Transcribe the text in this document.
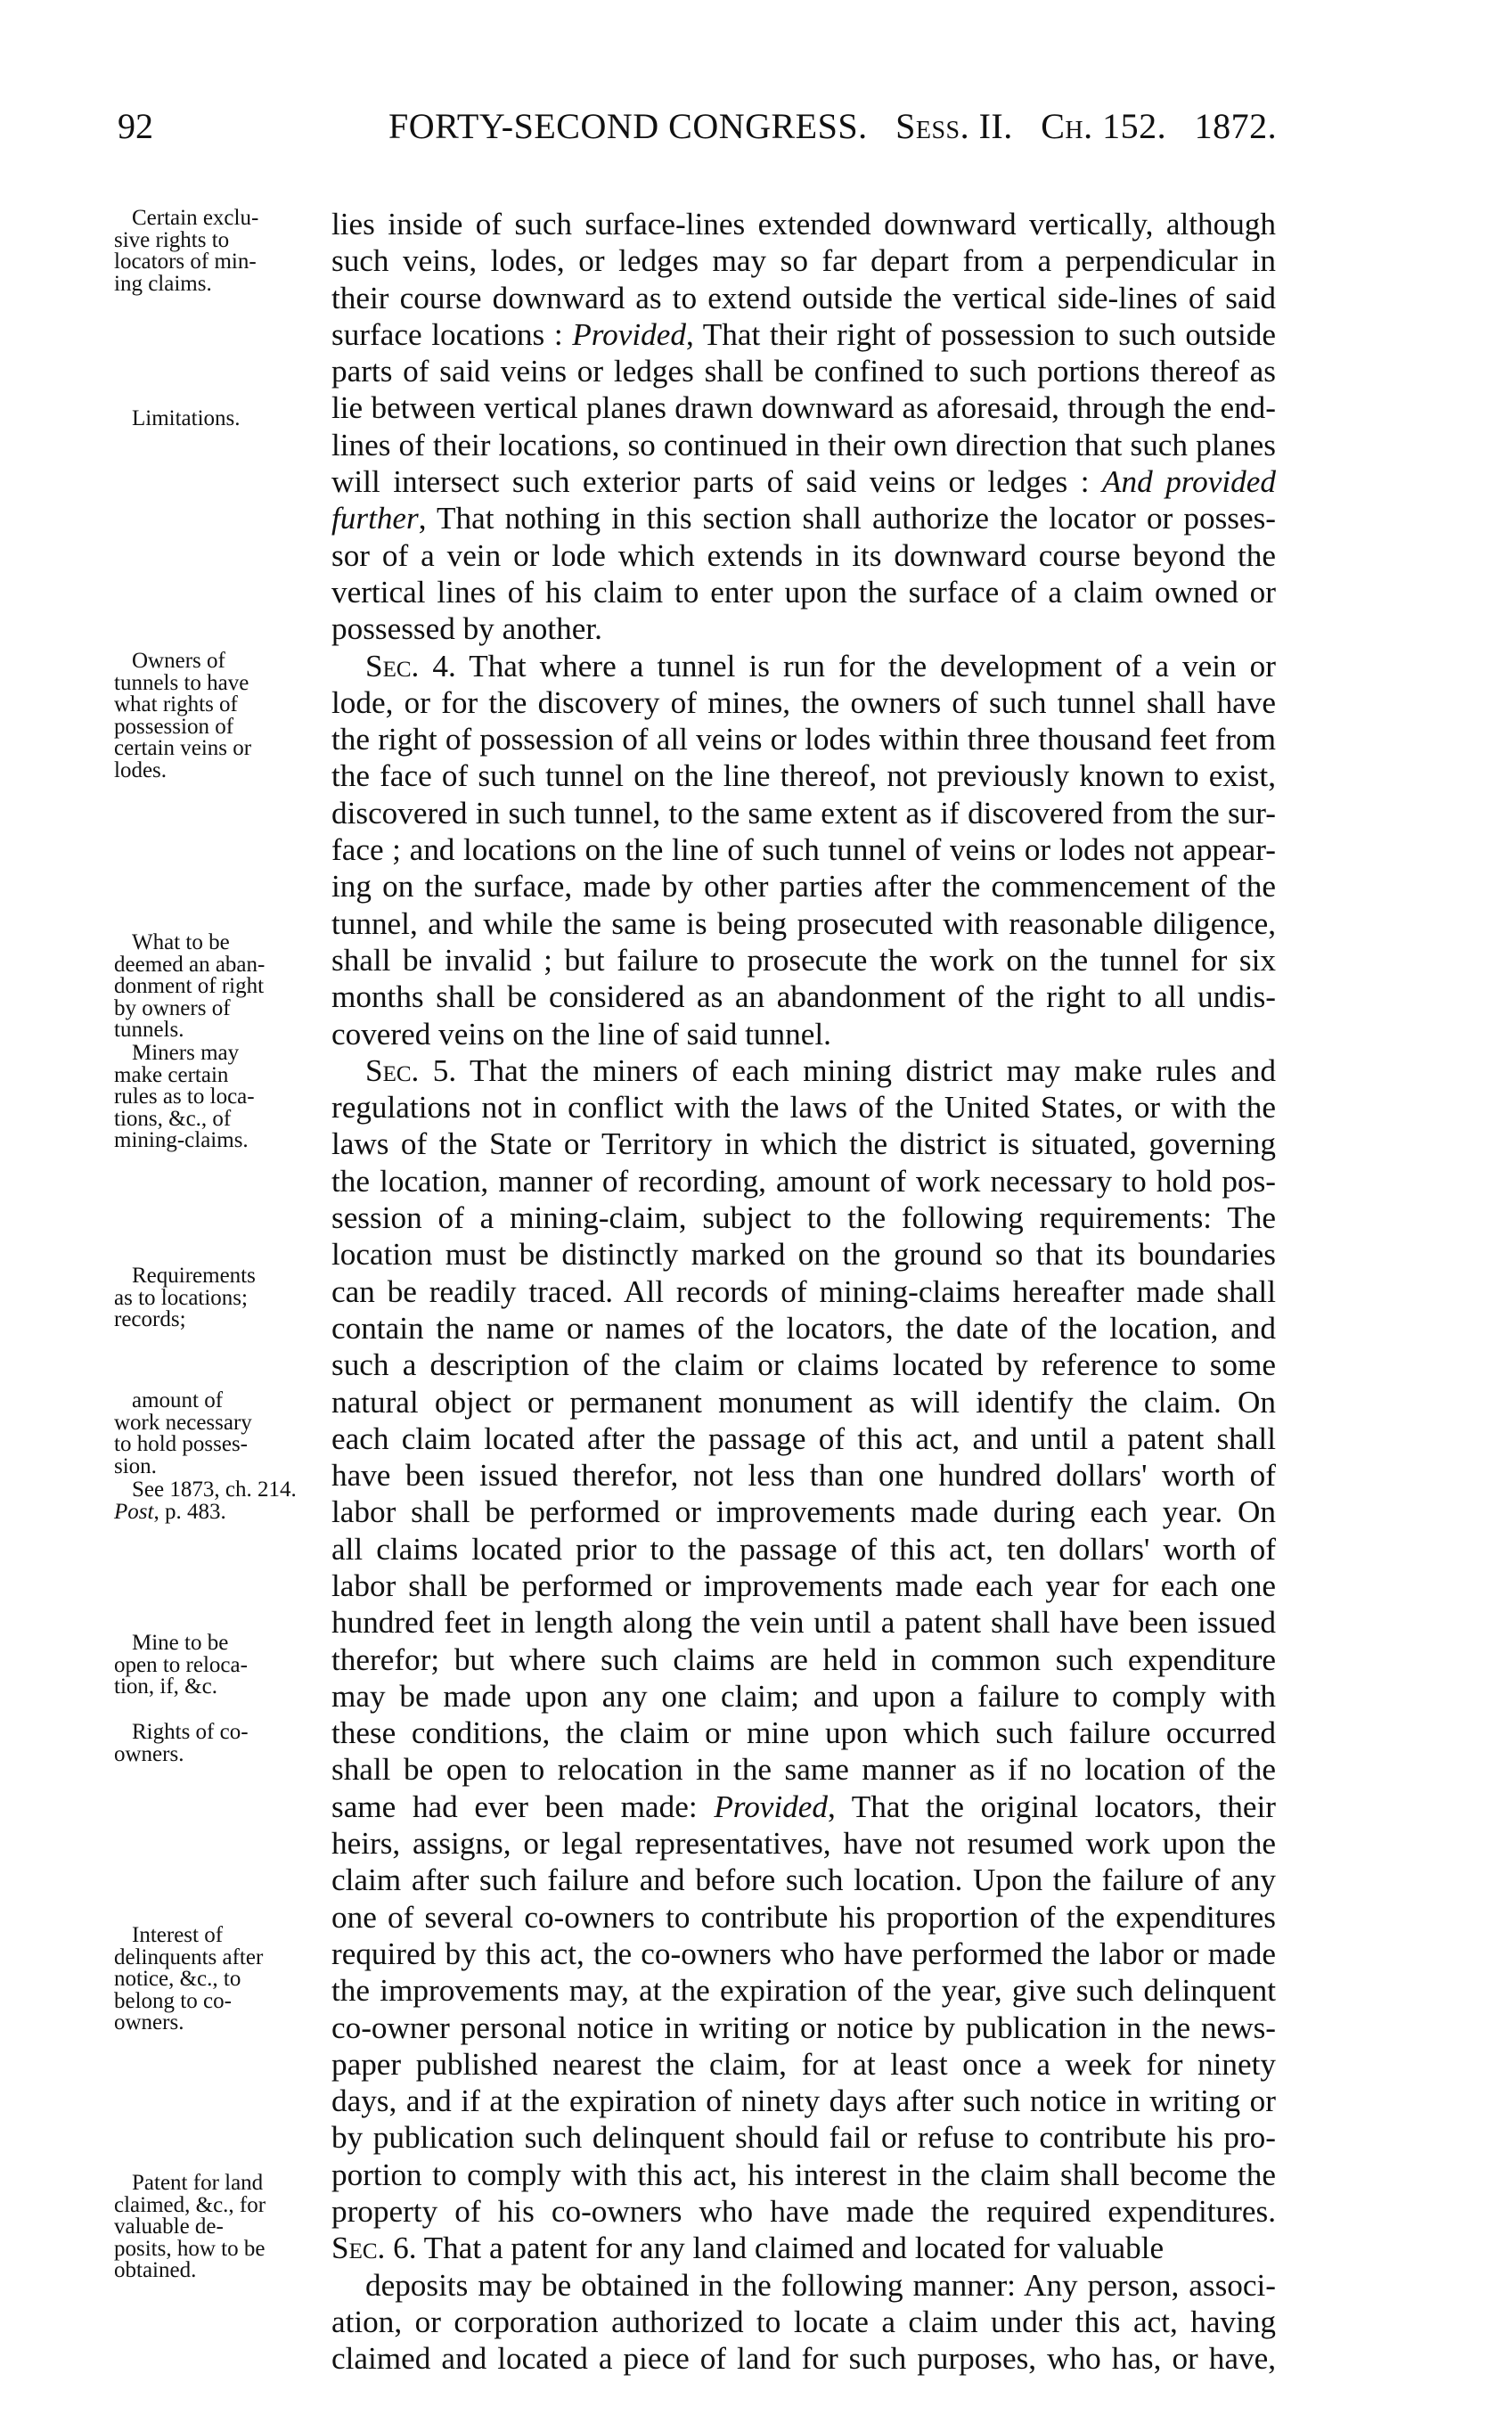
92	FORTY-SECOND CONGRESS. Sess. II. Ch. 152. 1872.
Certain exclu-
sive rights to
locators of min-
ing claims.
Limitations.
Owners of
tunnels to have
what rights of
possession of
certain veins or
lodes.
What to be
deemed an aban-
donment of right
by owners of
tunnels.
Miners may
make certain
rules as to loca-
tions, &c., of
mining-claims.
Requirements
as to locations;
records;
amount of
work necessary
to hold posses-
sion.
See 1873, ch. 214.
Post, p. 483.
Mine to be
open to reloca-
tion, if, &c.
Rights of co-
owners.
Interest of
delinquents after
notice, &c., to
belong to co-
owners.
Patent for land
claimed, &c., for
valuable de-
posits, how to be
obtained.
lies inside of such surface-lines extended downward vertically, although
such veins, lodes, or ledges may so far depart from a perpendicular in
their course downward as to extend outside the vertical side-lines of said
surface locations : Provided, That their right of possession to such outside
parts of said veins or ledges shall be confined to such portions thereof as
lie between vertical planes drawn downward as aforesaid, through the end-
lines of their locations, so continued in their own direction that such planes
will intersect such exterior parts of said veins or ledges : And provided
further, That nothing in this section shall authorize the locator or posses-
sor of a vein or lode which extends in its downward course beyond the
vertical lines of his claim to enter upon the surface of a claim owned or
possessed by another.
Sec. 4. That where a tunnel is run for the development of a vein or
lode, or for the discovery of mines, the owners of such tunnel shall have
the right of possession of all veins or lodes within three thousand feet from
the face of such tunnel on the line thereof, not previously known to exist,
discovered in such tunnel, to the same extent as if discovered from the sur-
face ; and locations on the line of such tunnel of veins or lodes not appear-
ing on the surface, made by other parties after the commencement of the
tunnel, and while the same is being prosecuted with reasonable diligence,
shall be invalid ; but failure to prosecute the work on the tunnel for six
months shall be considered as an abandonment of the right to all undis-
covered veins on the line of said tunnel.
Sec. 5. That the miners of each mining district may make rules and
regulations not in conflict with the laws of the United States, or with the
laws of the State or Territory in which the district is situated, governing
the location, manner of recording, amount of work necessary to hold pos-
session of a mining-claim, subject to the following requirements: The
location must be distinctly marked on the ground so that its boundaries
can be readily traced. All records of mining-claims hereafter made shall
contain the name or names of the locators, the date of the location, and
such a description of the claim or claims located by reference to some
natural object or permanent monument as will identify the claim. On
each claim located after the passage of this act, and until a patent shall
have been issued therefor, not less than one hundred dollars' worth of
labor shall be performed or improvements made during each year. On
all claims located prior to the passage of this act, ten dollars' worth of
labor shall be performed or improvements made each year for each one
hundred feet in length along the vein until a patent shall have been issued
therefor; but where such claims are held in common such expenditure
may be made upon any one claim; and upon a failure to comply with
these conditions, the claim or mine upon which such failure occurred
shall be open to relocation in the same manner as if no location of the
same had ever been made: Provided, That the original locators, their
heirs, assigns, or legal representatives, have not resumed work upon the
claim after such failure and before such location. Upon the failure of any
one of several co-owners to contribute his proportion of the expenditures
required by this act, the co-owners who have performed the labor or made
the improvements may, at the expiration of the year, give such delinquent
co-owner personal notice in writing or notice by publication in the news-
paper published nearest the claim, for at least once a week for ninety
days, and if at the expiration of ninety days after such notice in writing or
by publication such delinquent should fail or refuse to contribute his pro-
portion to comply with this act, his interest in the claim shall become the
property of his co-owners who have made the required expenditures.
Sec. 6. That a patent for any land claimed and located for valuable
deposits may be obtained in the following manner: Any person, associ-
ation, or corporation authorized to locate a claim under this act, having
claimed and located a piece of land for such purposes, who has, or have,
